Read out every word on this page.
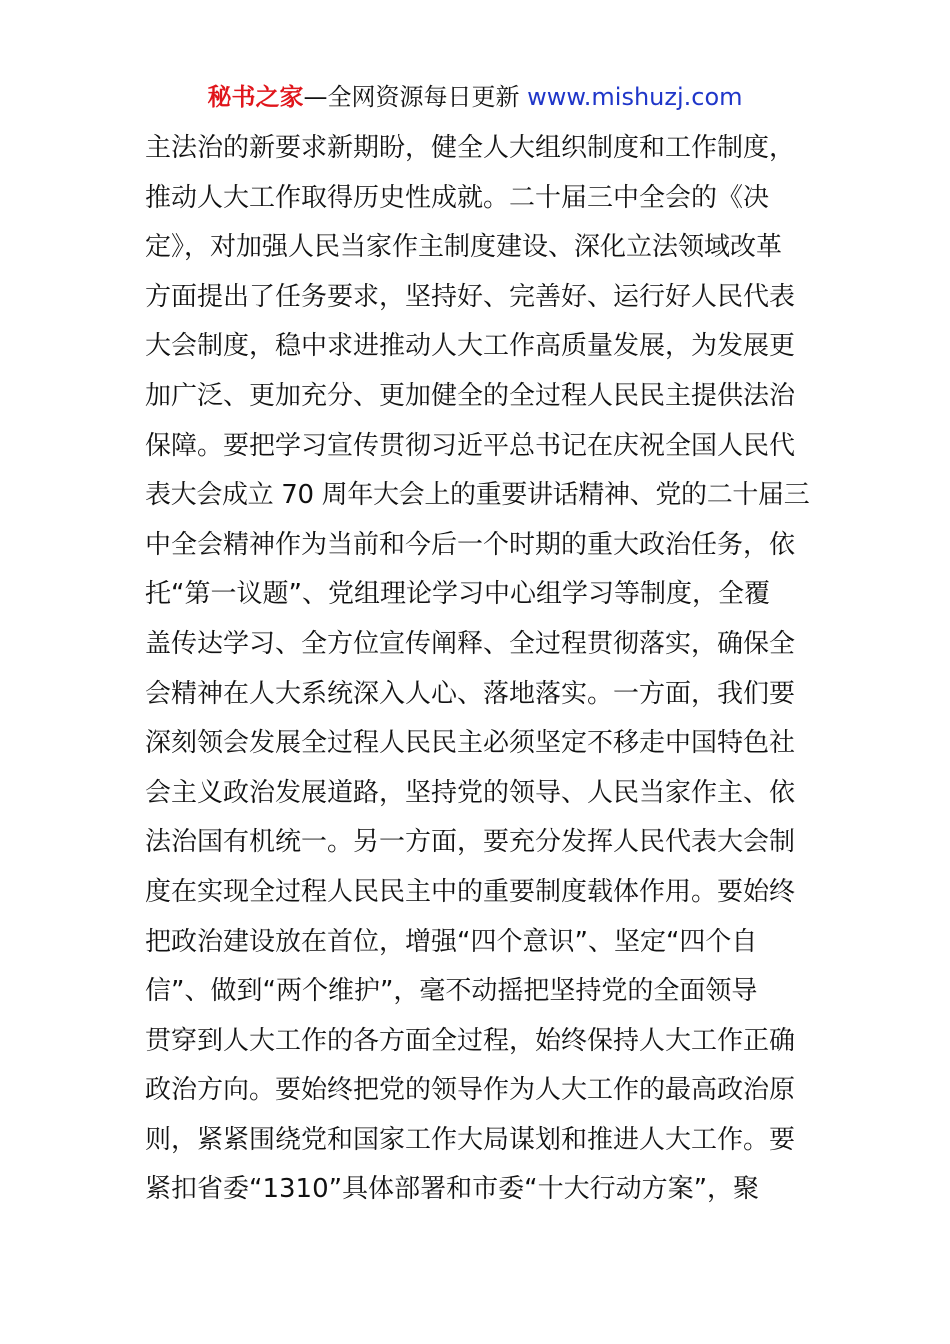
秘书之家—全网资源每日更新 www.mishuzj.com
主法治的新要求新期盼，健全人大组织制度和工作制度，
推动人大工作取得历史性成就。二十届三中全会的《决
定》，对加强人民当家作主制度建设、深化立法领域改革
方面提出了任务要求，坚持好、完善好、运行好人民代表
大会制度，稳中求进推动人大工作高质量发展，为发展更
加广泛、更加充分、更加健全的全过程人民民主提供法治
保障。要把学习宣传贯彻习近平总书记在庆祝全国人民代
表大会成立 70 周年大会上的重要讲话精神、党的二十届三
中全会精神作为当前和今后一个时期的重大政治任务，依
托“第一议题”、党组理论学习中心组学习等制度，全覆
盖传达学习、全方位宣传阐释、全过程贯彻落实，确保全
会精神在人大系统深入人心、落地落实。一方面，我们要
深刻领会发展全过程人民民主必须坚定不移走中国特色社
会主义政治发展道路，坚持党的领导、人民当家作主、依
法治国有机统一。另一方面，要充分发挥人民代表大会制
度在实现全过程人民民主中的重要制度载体作用。要始终
把政治建设放在首位，增强“四个意识”、坚定“四个自
信”、做到“两个维护”，毫不动摇把坚持党的全面领导
贯穿到人大工作的各方面全过程，始终保持人大工作正确
政治方向。要始终把党的领导作为人大工作的最高政治原
则，紧紧围绕党和国家工作大局谋划和推进人大工作。要
紧扣省委“1310”具体部署和市委“十大行动方案”，聚
